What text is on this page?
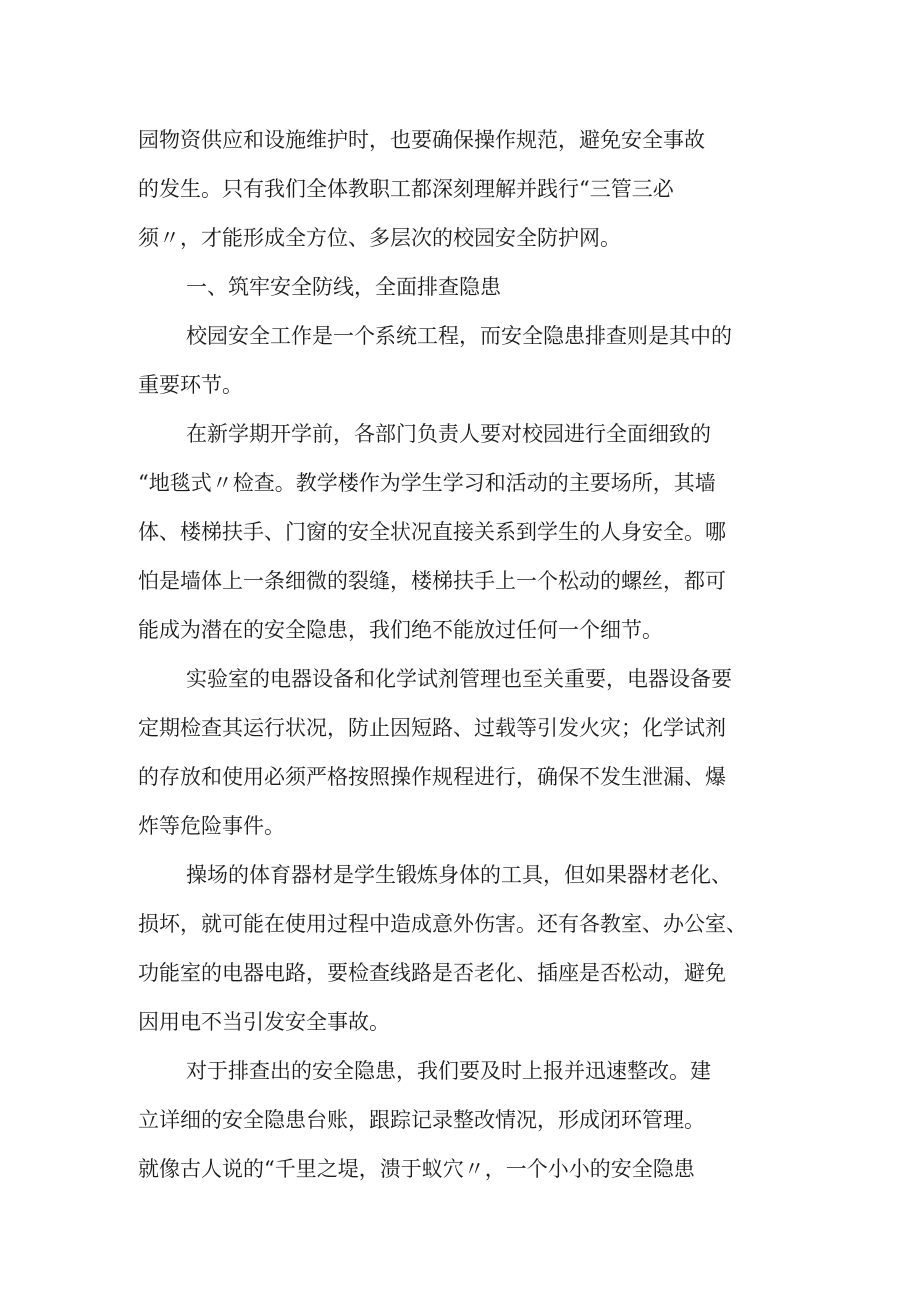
园物资供应和设施维护时，也要确保操作规范，避免安全事故
的发生。只有我们全体教职工都深刻理解并践行“三管三必
须〃，才能形成全方位、多层次的校园安全防护网。
一、筑牢安全防线，全面排查隐患
校园安全工作是一个系统工程，而安全隐患排查则是其中的
重要环节。
在新学期开学前，各部门负责人要对校园进行全面细致的
“地毯式〃检查。教学楼作为学生学习和活动的主要场所，其墙
体、楼梯扶手、门窗的安全状况直接关系到学生的人身安全。哪
怕是墙体上一条细微的裂缝，楼梯扶手上一个松动的螺丝，都可
能成为潜在的安全隐患，我们绝不能放过任何一个细节。
实验室的电器设备和化学试剂管理也至关重要，电器设备要
定期检查其运行状况，防止因短路、过载等引发火灾；化学试剂
的存放和使用必须严格按照操作规程进行，确保不发生泄漏、爆
炸等危险事件。
操场的体育器材是学生锻炼身体的工具，但如果器材老化、
损坏，就可能在使用过程中造成意外伤害。还有各教室、办公室、
功能室的电器电路，要检查线路是否老化、插座是否松动，避免
因用电不当引发安全事故。
对于排查出的安全隐患，我们要及时上报并迅速整改。建
立详细的安全隐患台账，跟踪记录整改情况，形成闭环管理。
就像古人说的“千里之堤，溃于蚁穴〃，一个小小的安全隐患
